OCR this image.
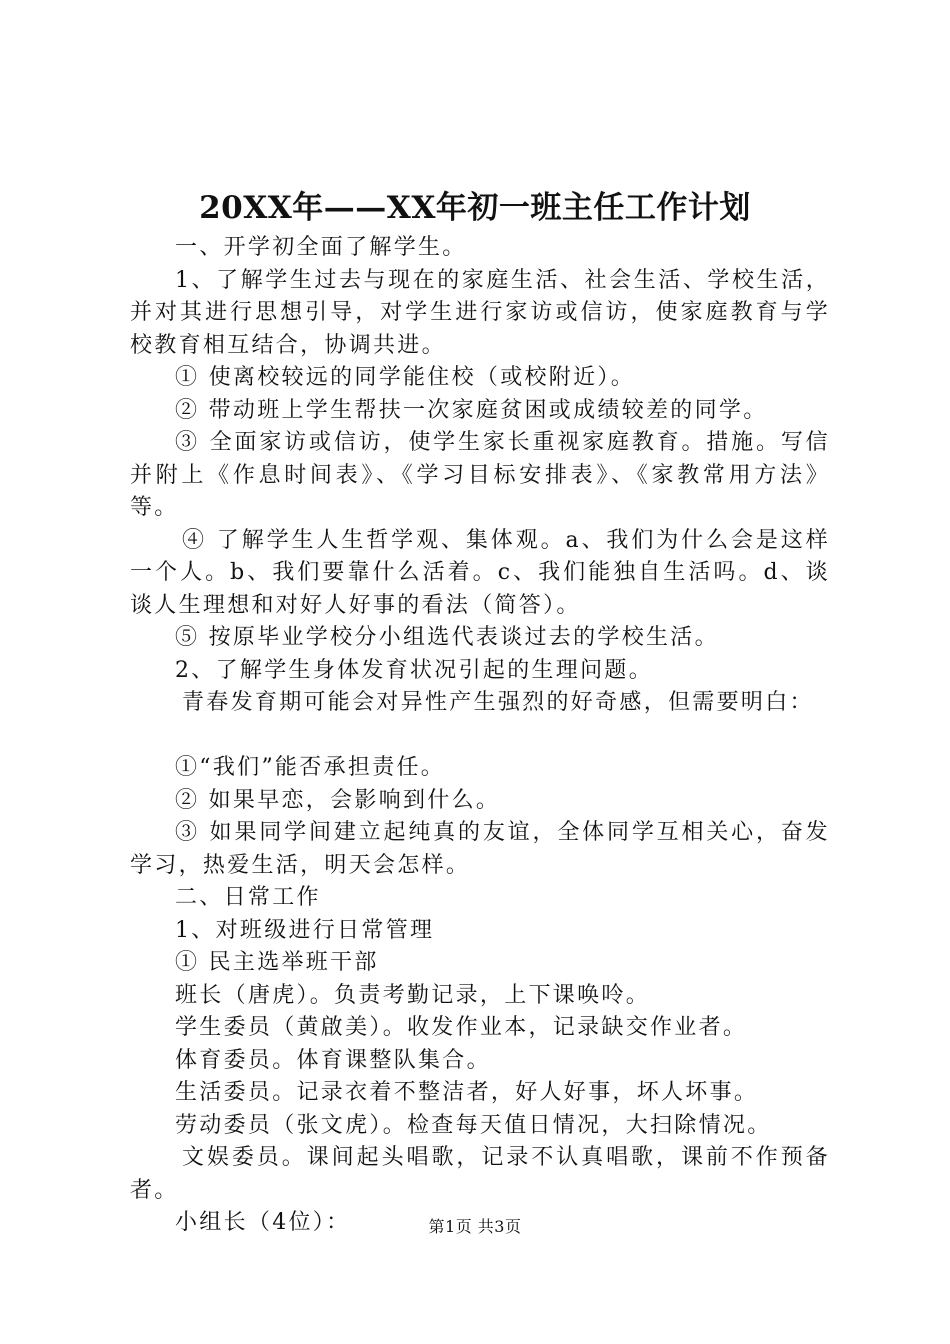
20XX年——XX年初一班主任工作计划

一、开学初全面了解学生。

1、了解学生过去与现在的家庭生活、社会生活、学校生活，并对其进行思想引导，对学生进行家访或信访，使家庭教育与学校教育相互结合，协调共进。

① 使离校较远的同学能住校（或校附近）。

② 带动班上学生帮扶一次家庭贫困或成绩较差的同学。

③ 全面家访或信访，使学生家长重视家庭教育。措施。写信并附上《作息时间表》、《学习目标安排表》、《家教常用方法》等。

④ 了解学生人生哲学观、集体观。a、我们为什么会是这样一个人。b、我们要靠什么活着。c、我们能独自生活吗。d、谈谈人生理想和对好人好事的看法（简答）。

⑤ 按原毕业学校分小组选代表谈过去的学校生活。

2、了解学生身体发育状况引起的生理问题。

青春发育期可能会对异性产生强烈的好奇感，但需要明白：

①“我们”能否承担责任。

② 如果早恋，会影响到什么。

③ 如果同学间建立起纯真的友谊，全体同学互相关心，奋发学习，热爱生活，明天会怎样。

二、日常工作

1、对班级进行日常管理

① 民主选举班干部

班长（唐虎）。负责考勤记录，上下课唤呤。

学生委员（黄啟美）。收发作业本，记录缺交作业者。

体育委员。体育课整队集合。

生活委员。记录衣着不整洁者，好人好事，坏人坏事。

劳动委员（张文虎）。检查每天值日情况，大扫除情况。

文娱委员。课间起头唱歌，记录不认真唱歌，课前不作预备者。

小组长（4位）：	第1页 共3页
